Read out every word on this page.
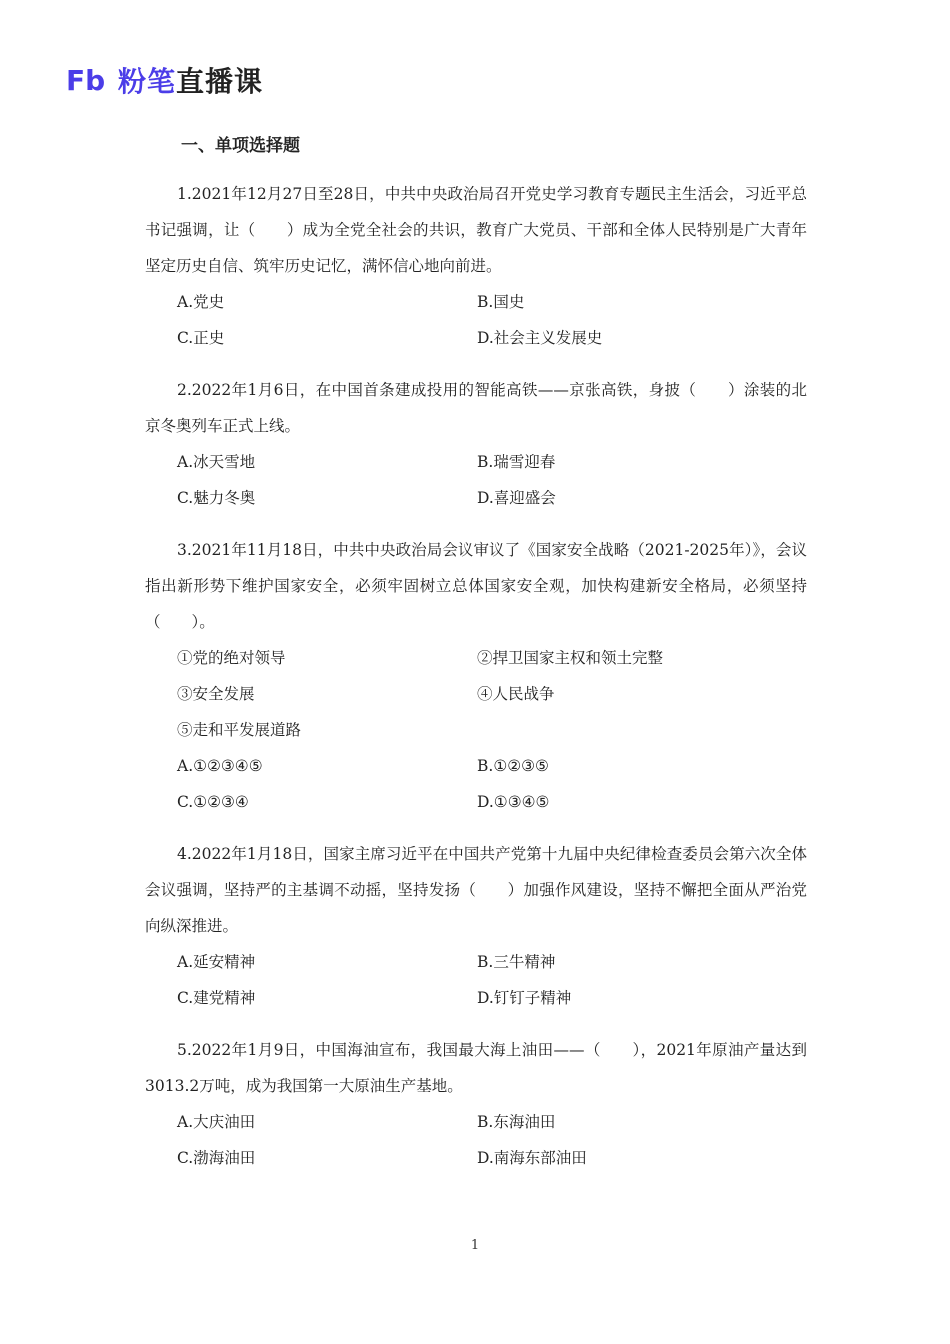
Fb 粉笔 直播课
一、单项选择题

1.2021年12月27日至28日，中共中央政治局召开党史学习教育专题民主生活会，习近平总书记强调，让（　　）成为全党全社会的共识，教育广大党员、干部和全体人民特别是广大青年坚定历史自信、筑牢历史记忆，满怀信心地向前进。

A.党史	B.国史
C.正史	D.社会主义发展史

2.2022年1月6日，在中国首条建成投用的智能高铁——京张高铁，身披（　　）涂装的北京冬奥列车正式上线。

A.冰天雪地	B.瑞雪迎春
C.魅力冬奥	D.喜迎盛会

3.2021年11月18日，中共中央政治局会议审议了《国家安全战略（2021-2025年）》，会议指出新形势下维护国家安全，必须牢固树立总体国家安全观，加快构建新安全格局，必须坚持（　　）。

①党的绝对领导	②捍卫国家主权和领土完整
③安全发展	④人民战争
⑤走和平发展道路
A.①②③④⑤	B.①②③⑤
C.①②③④	D.①③④⑤

4.2022年1月18日，国家主席习近平在中国共产党第十九届中央纪律检查委员会第六次全体会议强调，坚持严的主基调不动摇，坚持发扬（　　）加强作风建设，坚持不懈把全面从严治党向纵深推进。

A.延安精神	B.三牛精神
C.建党精神	D.钉钉子精神

5.2022年1月9日，中国海油宣布，我国最大海上油田——（　　），2021年原油产量达到3013.2万吨，成为我国第一大原油生产基地。

A.大庆油田	B.东海油田
C.渤海油田	D.南海东部油田
1
